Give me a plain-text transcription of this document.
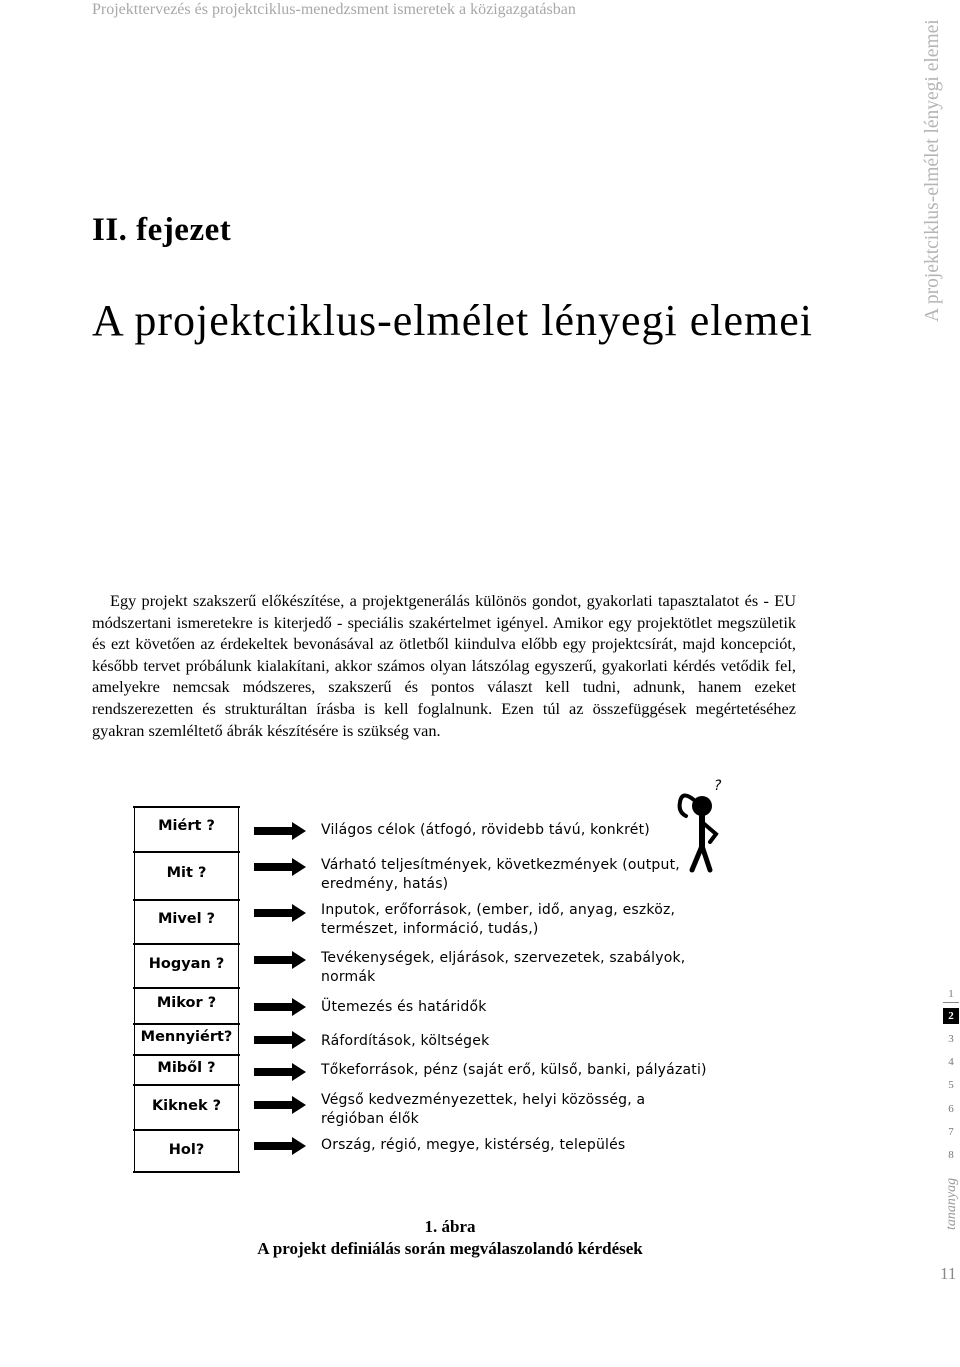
Projekttervezés és projektciklus-menedzsment ismeretek a közigazgatásban
A projektciklus-elmélet lényegi elemei
II. fejezet
A projektciklus-elmélet lényegi elemei

Egy projekt szakszerű előkészítése, a projektgenerálás különös gondot, gyakorlati tapasztalatot és - EU módszertani ismeretekre is kiterjedő - speciális szakértelmet igényel. Amikor egy projektötlet megszületik és ezt követően az érdekeltek bevonásával az ötletből kiindulva előbb egy projektcsírát, majd koncepciót, később tervet próbálunk kialakítani, akkor számos olyan látszólag egyszerű, gyakorlati kérdés vetődik fel, amelyekre nemcsak módszeres, szakszerű és pontos választ kell tudni, adnunk, hanem ezeket rendszerezetten és strukturáltan írásba is kell foglalnunk. Ezen túl az összefüggések megértetéséhez gyakran szemléltető ábrák készítésére is szükség van.

Miért ?
Mit ?
Mivel ?
Hogyan ?
Mikor ?
Mennyiért?
Miből ?
Kiknek ?
Hol?
Világos célok (átfogó, rövidebb távú, konkrét)
Várható teljesítmények, következmények (output, eredmény, hatás)
Inputok, erőforrások, (ember, idő, anyag, eszköz, természet, információ, tudás,)
Tevékenységek, eljárások, szervezetek, szabályok, normák
Ütemezés és határidők
Ráfordítások, költségek
Tőkeforrások, pénz (saját erő, külső, banki, pályázati)
Végső kedvezményezettek, helyi közösség, a régióban élők
Ország, régió, megye, kistérség, település
?
1. ábra
A projekt definiálás során megválaszolandó kérdések
1
2
3
4
5
6
7
8
tananyag
11
